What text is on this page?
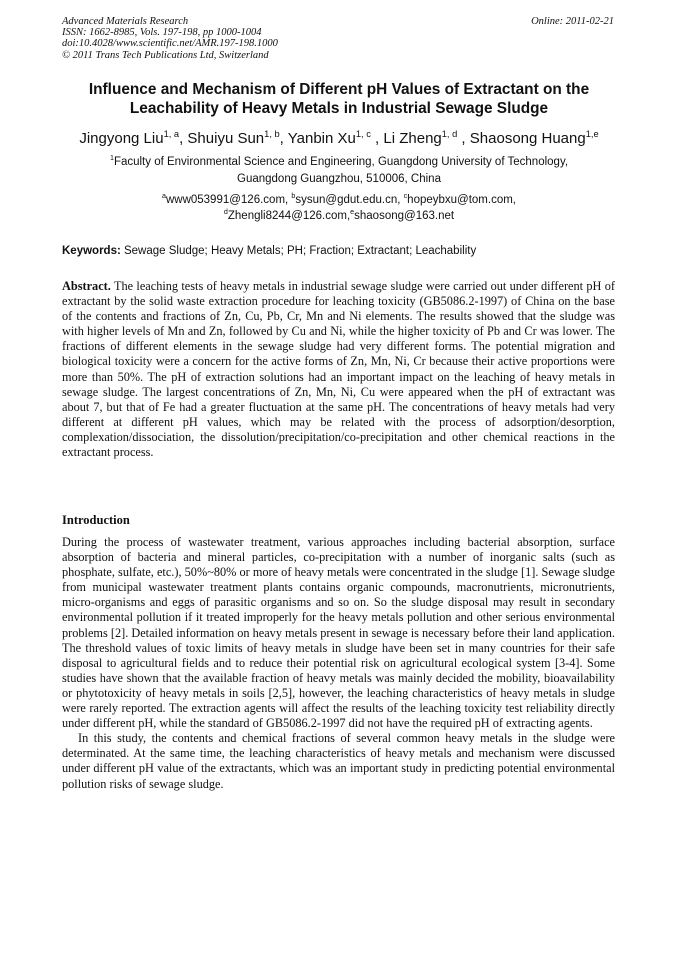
Advanced Materials Research
ISSN: 1662-8985, Vols. 197-198, pp 1000-1004
doi:10.4028/www.scientific.net/AMR.197-198.1000
© 2011 Trans Tech Publications Ltd, Switzerland
Online: 2011-02-21
Influence and Mechanism of Different pH Values of Extractant on the Leachability of Heavy Metals in Industrial Sewage Sludge
Jingyong Liu$^{1, a}$, Shuiyu Sun$^{1, b}$, Yanbin Xu$^{1, c}$ , Li Zheng$^{1, d}$ , Shaosong Huang$^{1,e}$
$^1$Faculty of Environmental Science and Engineering, Guangdong University of Technology,
Guangdong Guangzhou, 510006, China
$^a$www053991@126.com, $^b$sysun@gdut.edu.cn, $^c$hopeybxu@tom.com,
$^d$Zhengli8244@126.com,$^e$shaosong@163.net
Keywords: Sewage Sludge; Heavy Metals; PH; Fraction; Extractant; Leachability
Abstract. The leaching tests of heavy metals in industrial sewage sludge were carried out under different pH of extractant by the solid waste extraction procedure for leaching toxicity (GB5086.2-1997) of China on the base of the contents and fractions of Zn, Cu, Pb, Cr, Mn and Ni elements. The results showed that the sludge was with higher levels of Mn and Zn, followed by Cu and Ni, while the higher toxicity of Pb and Cr was lower. The fractions of different elements in the sewage sludge had very different forms. The potential migration and biological toxicity were a concern for the active forms of Zn, Mn, Ni, Cr because their active proportions were more than 50%. The pH of extraction solutions had an important impact on the leaching of heavy metals in sewage sludge. The largest concentrations of Zn, Mn, Ni, Cu were appeared when the pH of extractant was about 7, but that of Fe had a greater fluctuation at the same pH. The concentrations of heavy metals had very different at different pH values, which may be related with the process of adsorption/desorption, complexation/dissociation, the dissolution/precipitation/co-precipitation and other chemical reactions in the extractant process.
Introduction

During the process of wastewater treatment, various approaches including bacterial absorption, surface absorption of bacteria and mineral particles, co-precipitation with a number of inorganic salts (such as phosphate, sulfate, etc.), 50%~80% or more of heavy metals were concentrated in the sludge [1]. Sewage sludge from municipal wastewater treatment plants contains organic compounds, macronutrients, micronutrients, micro-organisms and eggs of parasitic organisms and so on. So the sludge disposal may result in secondary environmental pollution if it treated improperly for the heavy metals pollution and other serious environmental problems [2]. Detailed information on heavy metals present in sewage is necessary before their land application. The threshold values of toxic limits of heavy metals in sludge have been set in many countries for their safe disposal to agricultural fields and to reduce their potential risk on agricultural ecological system [3-4]. Some studies have shown that the available fraction of heavy metals was mainly decided the mobility, bioavailability or phytotoxicity of heavy metals in soils [2,5], however, the leaching characteristics of heavy metals in sludge were rarely reported. The extraction agents will affect the results of the leaching toxicity test reliability directly under different pH, while the standard of GB5086.2-1997 did not have the required pH of extracting agents.

In this study, the contents and chemical fractions of several common heavy metals in the sludge were determinated. At the same time, the leaching characteristics of heavy metals and mechanism were discussed under different pH value of the extractants, which was an important study in predicting potential environmental pollution risks of sewage sludge.
